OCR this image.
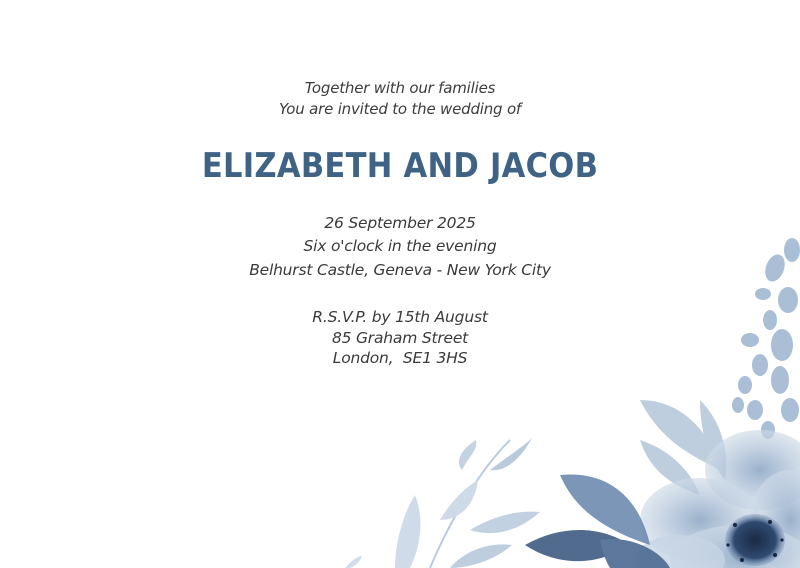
Together with our families
You are invited to the wedding of
ELIZABETH AND JACOB
26 September 2025
Six o'clock in the evening
Belhurst Castle, Geneva - New York City
R.S.V.P. by 15th August
85 Graham Street
London,  SE1 3HS
